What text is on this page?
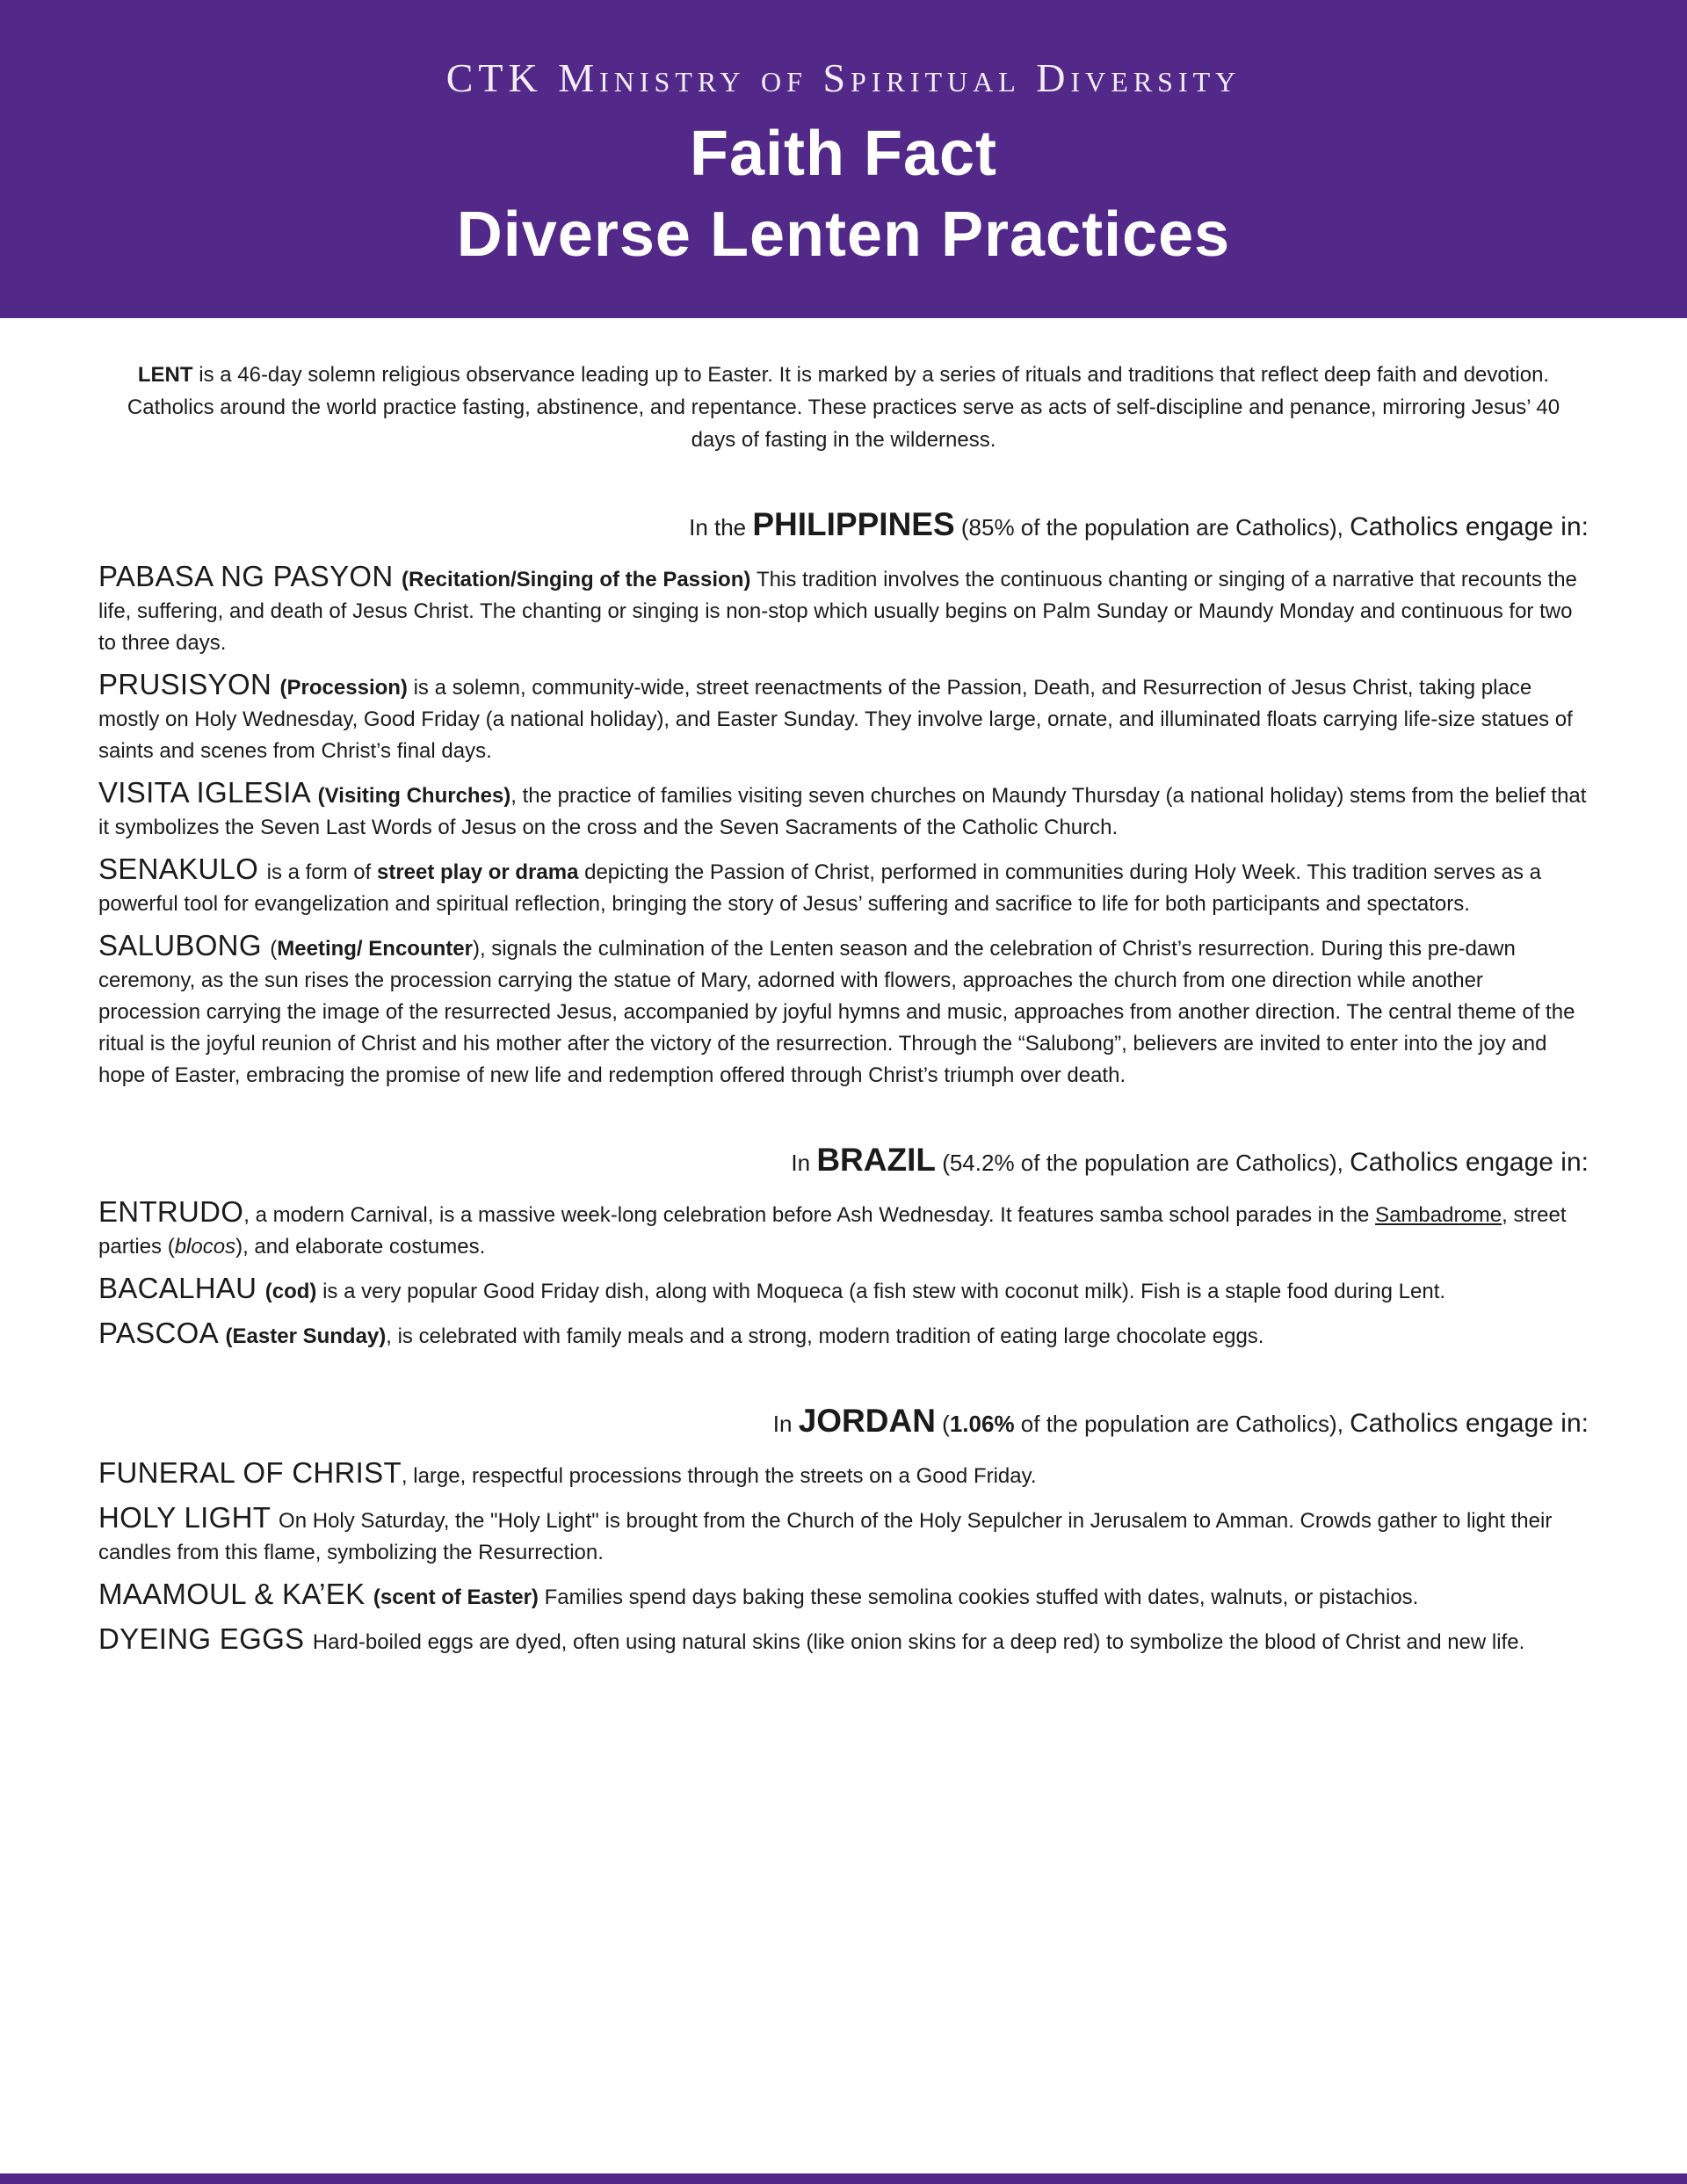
CTK Ministry of Spiritual Diversity
Faith Fact
Diverse Lenten Practices

LENT is a 46-day solemn religious observance leading up to Easter. It is marked by a series of rituals and traditions that reflect deep faith and devotion. Catholics around the world practice fasting, abstinence, and repentance. These practices serve as acts of self-discipline and penance, mirroring Jesus’ 40 days of fasting in the wilderness.

In the PHILIPPINES (85% of the population are Catholics), Catholics engage in:

PABASA NG PASYON (Recitation/Singing of the Passion) This tradition involves the continuous chanting or singing of a narrative that recounts the life, suffering, and death of Jesus Christ. The chanting or singing is non-stop which usually begins on Palm Sunday or Maundy Monday and continuous for two to three days.

PRUSISYON (Procession) is a solemn, community-wide, street reenactments of the Passion, Death, and Resurrection of Jesus Christ, taking place mostly on Holy Wednesday, Good Friday (a national holiday), and Easter Sunday. They involve large, ornate, and illuminated floats carrying life-size statues of saints and scenes from Christ’s final days.

VISITA IGLESIA (Visiting Churches), the practice of families visiting seven churches on Maundy Thursday (a national holiday) stems from the belief that it symbolizes the Seven Last Words of Jesus on the cross and the Seven Sacraments of the Catholic Church.

SENAKULO is a form of street play or drama depicting the Passion of Christ, performed in communities during Holy Week. This tradition serves as a powerful tool for evangelization and spiritual reflection, bringing the story of Jesus’ suffering and sacrifice to life for both participants and spectators.

SALUBONG (Meeting/ Encounter), signals the culmination of the Lenten season and the celebration of Christ’s resurrection. During this pre-dawn ceremony, as the sun rises the procession carrying the statue of Mary, adorned with flowers, approaches the church from one direction while another procession carrying the image of the resurrected Jesus, accompanied by joyful hymns and music, approaches from another direction. The central theme of the ritual is the joyful reunion of Christ and his mother after the victory of the resurrection. Through the “Salubong”, believers are invited to enter into the joy and hope of Easter, embracing the promise of new life and redemption offered through Christ’s triumph over death.

In BRAZIL (54.2% of the population are Catholics), Catholics engage in:

ENTRUDO, a modern Carnival, is a massive week-long celebration before Ash Wednesday. It features samba school parades in the Sambadrome, street parties (blocos), and elaborate costumes.

BACALHAU (cod) is a very popular Good Friday dish, along with Moqueca (a fish stew with coconut milk). Fish is a staple food during Lent.

PASCOA (Easter Sunday), is celebrated with family meals and a strong, modern tradition of eating large chocolate eggs.

In JORDAN (1.06% of the population are Catholics), Catholics engage in:

FUNERAL OF CHRIST, large, respectful processions through the streets on a Good Friday.

HOLY LIGHT On Holy Saturday, the "Holy Light" is brought from the Church of the Holy Sepulcher in Jerusalem to Amman. Crowds gather to light their candles from this flame, symbolizing the Resurrection.

MAAMOUL & KA’EK (scent of Easter) Families spend days baking these semolina cookies stuffed with dates, walnuts, or pistachios.

DYEING EGGS Hard-boiled eggs are dyed, often using natural skins (like onion skins for a deep red) to symbolize the blood of Christ and new life.
